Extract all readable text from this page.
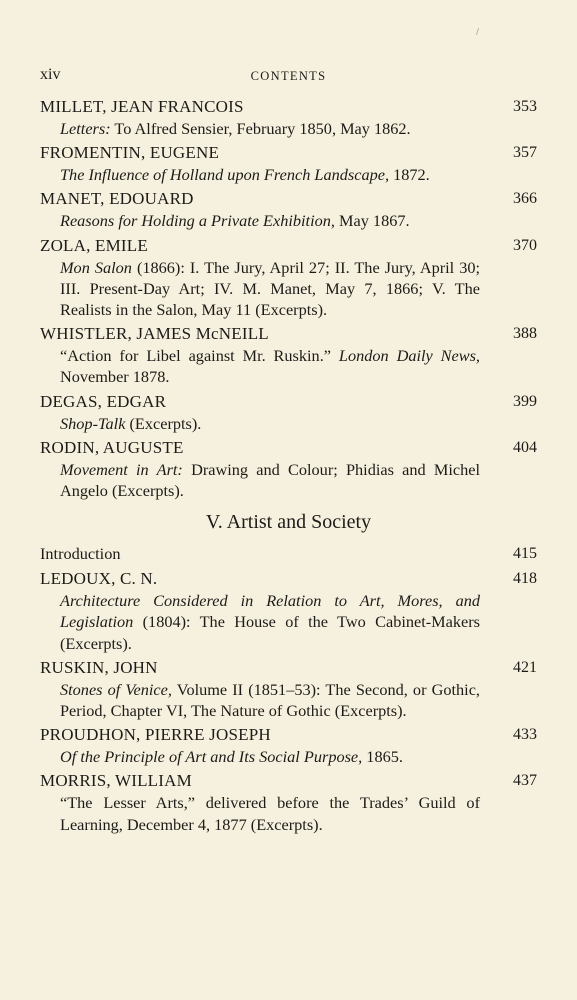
xiv	CONTENTS
MILLET, JEAN FRANCOIS	353
Letters: To Alfred Sensier, February 1850, May 1862.
FROMENTIN, EUGENE	357
The Influence of Holland upon French Landscape, 1872.
MANET, EDOUARD	366
Reasons for Holding a Private Exhibition, May 1867.
ZOLA, EMILE	370
Mon Salon (1866): I. The Jury, April 27; II. The Jury, April 30; III. Present-Day Art; IV. M. Manet, May 7, 1866; V. The Realists in the Salon, May 11 (Excerpts).
WHISTLER, JAMES McNEILL	388
“Action for Libel against Mr. Ruskin.” London Daily News, November 1878.
DEGAS, EDGAR	399
Shop-Talk (Excerpts).
RODIN, AUGUSTE	404
Movement in Art: Drawing and Colour; Phidias and Michel Angelo (Excerpts).
V. Artist and Society
Introduction	415
LEDOUX, C. N.	418
Architecture Considered in Relation to Art, Mores, and Legislation (1804): The House of the Two Cabinet-Makers (Excerpts).
RUSKIN, JOHN	421
Stones of Venice, Volume II (1851–53): The Second, or Gothic, Period, Chapter VI, The Nature of Gothic (Excerpts).
PROUDHON, PIERRE JOSEPH	433
Of the Principle of Art and Its Social Purpose, 1865.
MORRIS, WILLIAM	437
“The Lesser Arts,” delivered before the Trades’ Guild of Learning, December 4, 1877 (Excerpts).
